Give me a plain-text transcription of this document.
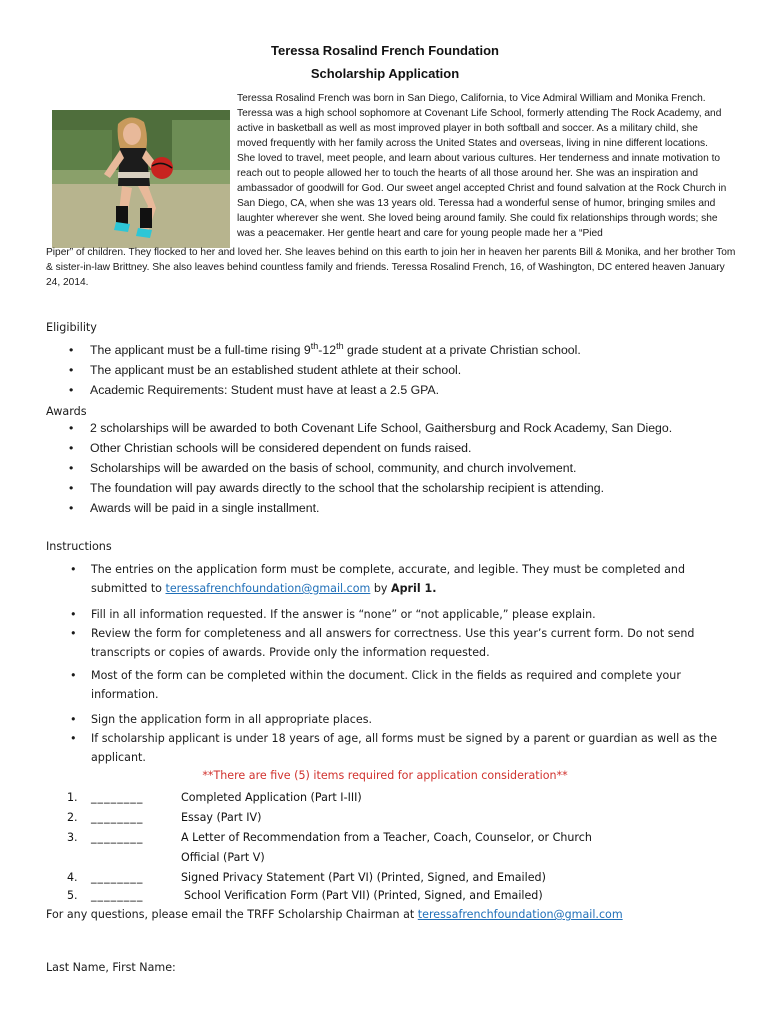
Teressa Rosalind French Foundation
Scholarship Application

Teressa Rosalind French was born in San Diego, California, to Vice Admiral William and Monika French. Teressa was a high school sophomore at Covenant Life School, formerly attending The Rock Academy, and active in basketball as well as most improved player in both softball and soccer. As a military child, she moved frequently with her family across the United States and overseas, living in nine different locations. She loved to travel, meet people, and learn about various cultures. Her tenderness and innate motivation to reach out to people allowed her to touch the hearts of all those around her. She was an inspiration and ambassador of goodwill for God. Our sweet angel accepted Christ and found salvation at the Rock Church in San Diego, CA, when she was 13 years old. Teressa had a wonderful sense of humor, bringing smiles and laughter wherever she went. She loved being around family. She could fix relationships through words; she was a peacemaker. Her gentle heart and care for young people made her a “Pied

Piper” of children. They flocked to her and loved her. She leaves behind on this earth to join her in heaven her parents Bill & Monika, and her brother Tom & sister-in-law Brittney. She also leaves behind countless family and friends. Teressa Rosalind French, 16, of Washington, DC entered heaven January 24, 2014.

Eligibility
• The applicant must be a full-time rising 9th-12th grade student at a private Christian school.
• The applicant must be an established student athlete at their school.
• Academic Requirements: Student must have at least a 2.5 GPA.
Awards
• 2 scholarships will be awarded to both Covenant Life School, Gaithersburg and Rock Academy, San Diego.
• Other Christian schools will be considered dependent on funds raised.
• Scholarships will be awarded on the basis of school, community, and church involvement.
• The foundation will pay awards directly to the school that the scholarship recipient is attending.
• Awards will be paid in a single installment.
Instructions
• The entries on the application form must be complete, accurate, and legible. They must be completed and submitted to teressafrenchfoundation@gmail.com by April 1.
• Fill in all information requested. If the answer is “none” or “not applicable,” please explain.
• Review the form for completeness and all answers for correctness. Use this year’s current form. Do not send transcripts or copies of awards. Provide only the information requested.
• Most of the form can be completed within the document. Click in the fields as required and complete your information.
• Sign the application form in all appropriate places.
• If scholarship applicant is under 18 years of age, all forms must be signed by a parent or guardian as well as the applicant.
**There are five (5) items required for application consideration**
1. ________	Completed Application (Part I-III)
2. ________	Essay (Part IV)
3. ________	A Letter of Recommendation from a Teacher, Coach, Counselor, or Church Official (Part V)
4. ________	Signed Privacy Statement (Part VI) (Printed, Signed, and Emailed)
5. ________	School Verification Form (Part VII) (Printed, Signed, and Emailed)
For any questions, please email the TRFF Scholarship Chairman at teressafrenchfoundation@gmail.com
Last Name, First Name:
